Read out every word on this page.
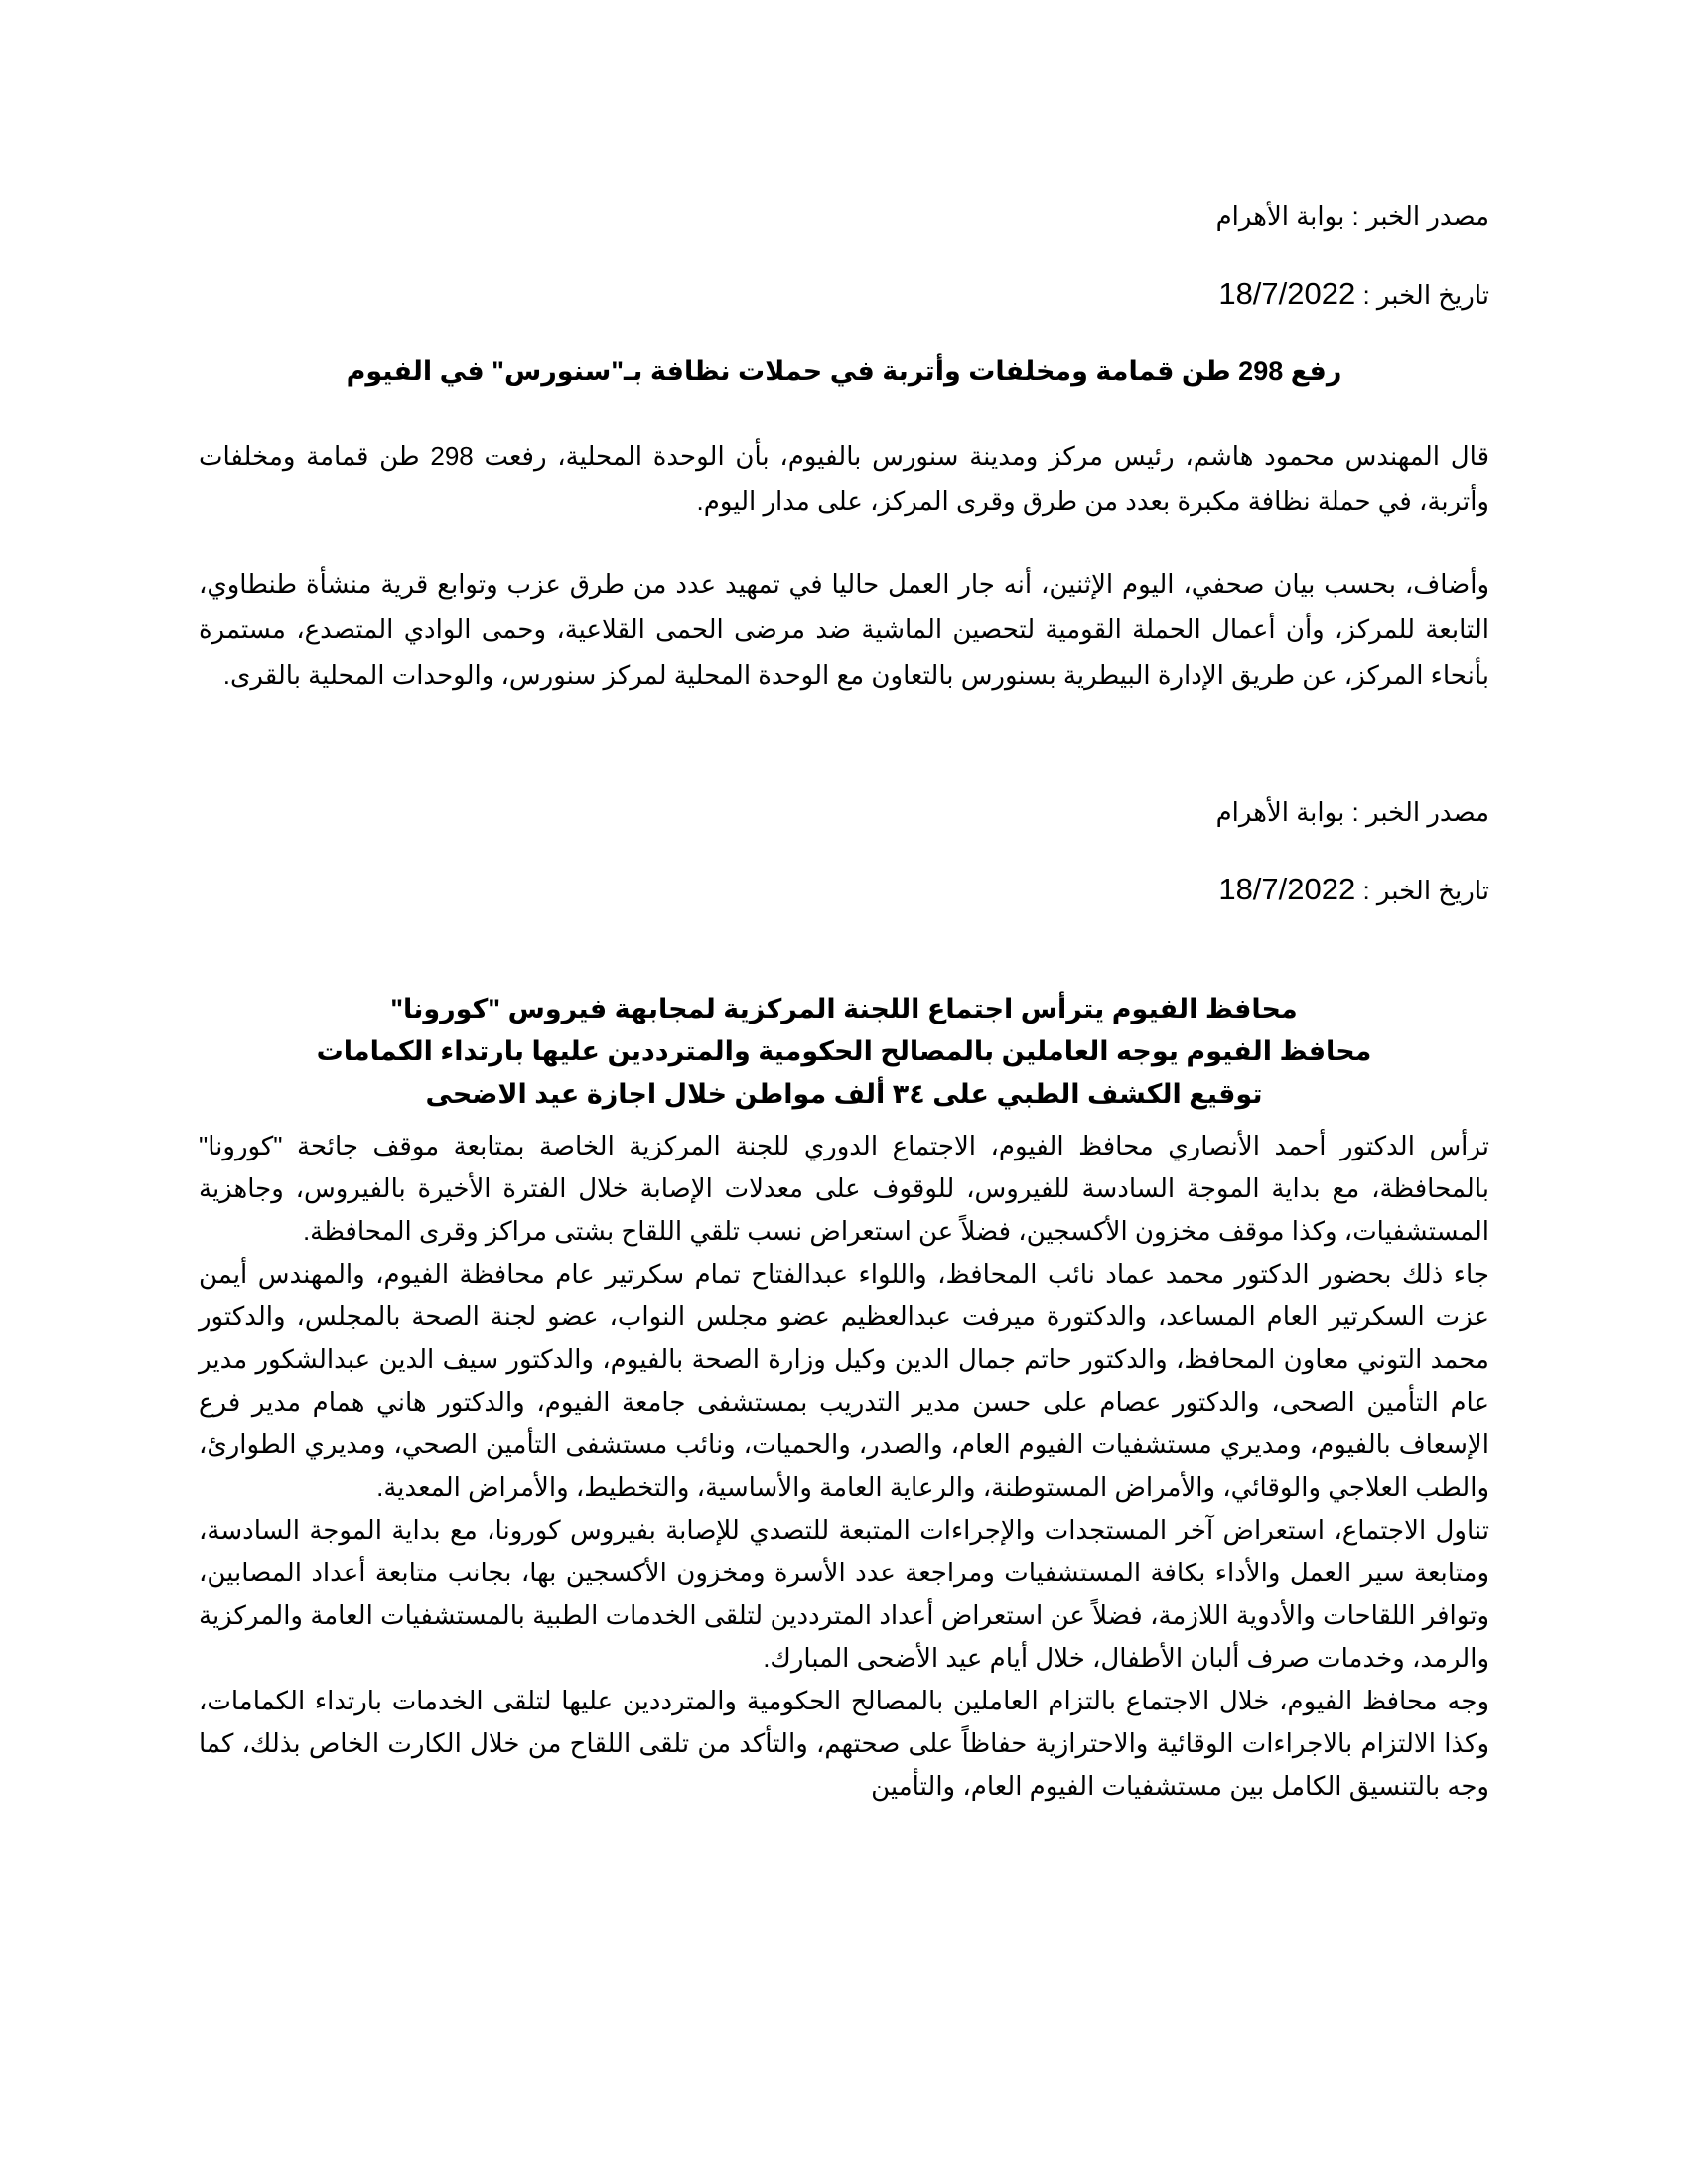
مصدر الخبر : بوابة الأهرام

تاريخ الخبر : 18/7/2022

رفع 298 طن قمامة ومخلفات وأتربة في حملات نظافة بـ"سنورس" في الفيوم

قال المهندس محمود هاشم، رئيس مركز ومدينة سنورس بالفيوم، بأن الوحدة المحلية، رفعت 298 طن قمامة ومخلفات وأتربة، في حملة نظافة مكبرة بعدد من طرق وقرى المركز، على مدار اليوم.

وأضاف، بحسب بيان صحفي، اليوم الإثنين، أنه جار العمل حاليا في تمهيد عدد من طرق عزب وتوابع قرية منشأة طنطاوي، التابعة للمركز، وأن أعمال الحملة القومية لتحصين الماشية ضد مرضى الحمى القلاعية، وحمى الوادي المتصدع، مستمرة بأنحاء المركز، عن طريق الإدارة البيطرية بسنورس بالتعاون مع الوحدة المحلية لمركز سنورس، والوحدات المحلية بالقرى.

مصدر الخبر : بوابة الأهرام

تاريخ الخبر : 18/7/2022

محافظ الفيوم يترأس اجتماع اللجنة المركزية لمجابهة فيروس "كورونا"
محافظ الفيوم يوجه العاملين بالمصالح الحكومية والمترددين عليها بارتداء الكمامات
توقيع الكشف الطبي على ٣٤ ألف مواطن خلال اجازة عيد الاضحى

ترأس الدكتور أحمد الأنصاري محافظ الفيوم، الاجتماع الدوري للجنة المركزية الخاصة بمتابعة موقف جائحة "كورونا" بالمحافظة، مع بداية الموجة السادسة للفيروس، للوقوف على معدلات الإصابة خلال الفترة الأخيرة بالفيروس، وجاهزية المستشفيات، وكذا موقف مخزون الأكسجين، فضلاً عن استعراض نسب تلقي اللقاح بشتى مراكز وقرى المحافظة.

جاء ذلك بحضور الدكتور محمد عماد نائب المحافظ، واللواء عبدالفتاح تمام سكرتير عام محافظة الفيوم، والمهندس أيمن عزت السكرتير العام المساعد، والدكتورة ميرفت عبدالعظيم عضو مجلس النواب، عضو لجنة الصحة بالمجلس، والدكتور محمد التوني معاون المحافظ، والدكتور حاتم جمال الدين وكيل وزارة الصحة بالفيوم، والدكتور سيف الدين عبدالشكور مدير عام التأمين الصحى، والدكتور عصام على حسن مدير التدريب بمستشفى جامعة الفيوم، والدكتور هاني همام مدير فرع الإسعاف بالفيوم، ومديري مستشفيات الفيوم العام، والصدر، والحميات، ونائب مستشفى التأمين الصحي، ومديري الطوارئ، والطب العلاجي والوقائي، والأمراض المستوطنة، والرعاية العامة والأساسية، والتخطيط، والأمراض المعدية.

تناول الاجتماع، استعراض آخر المستجدات والإجراءات المتبعة للتصدي للإصابة بفيروس كورونا، مع بداية الموجة السادسة، ومتابعة سير العمل والأداء بكافة المستشفيات ومراجعة عدد الأسرة ومخزون الأكسجين بها، بجانب متابعة أعداد المصابين، وتوافر اللقاحات والأدوية اللازمة، فضلاً عن استعراض أعداد المترددين لتلقى الخدمات الطبية بالمستشفيات العامة والمركزية والرمد، وخدمات صرف ألبان الأطفال، خلال أيام عيد الأضحى المبارك.

وجه محافظ الفيوم، خلال الاجتماع بالتزام العاملين بالمصالح الحكومية والمترددين عليها لتلقى الخدمات بارتداء الكمامات، وكذا الالتزام بالاجراءات الوقائية والاحترازية حفاظاً على صحتهم، والتأكد من تلقى اللقاح من خلال الكارت الخاص بذلك، كما وجه بالتنسيق الكامل بين مستشفيات الفيوم العام، والتأمين
